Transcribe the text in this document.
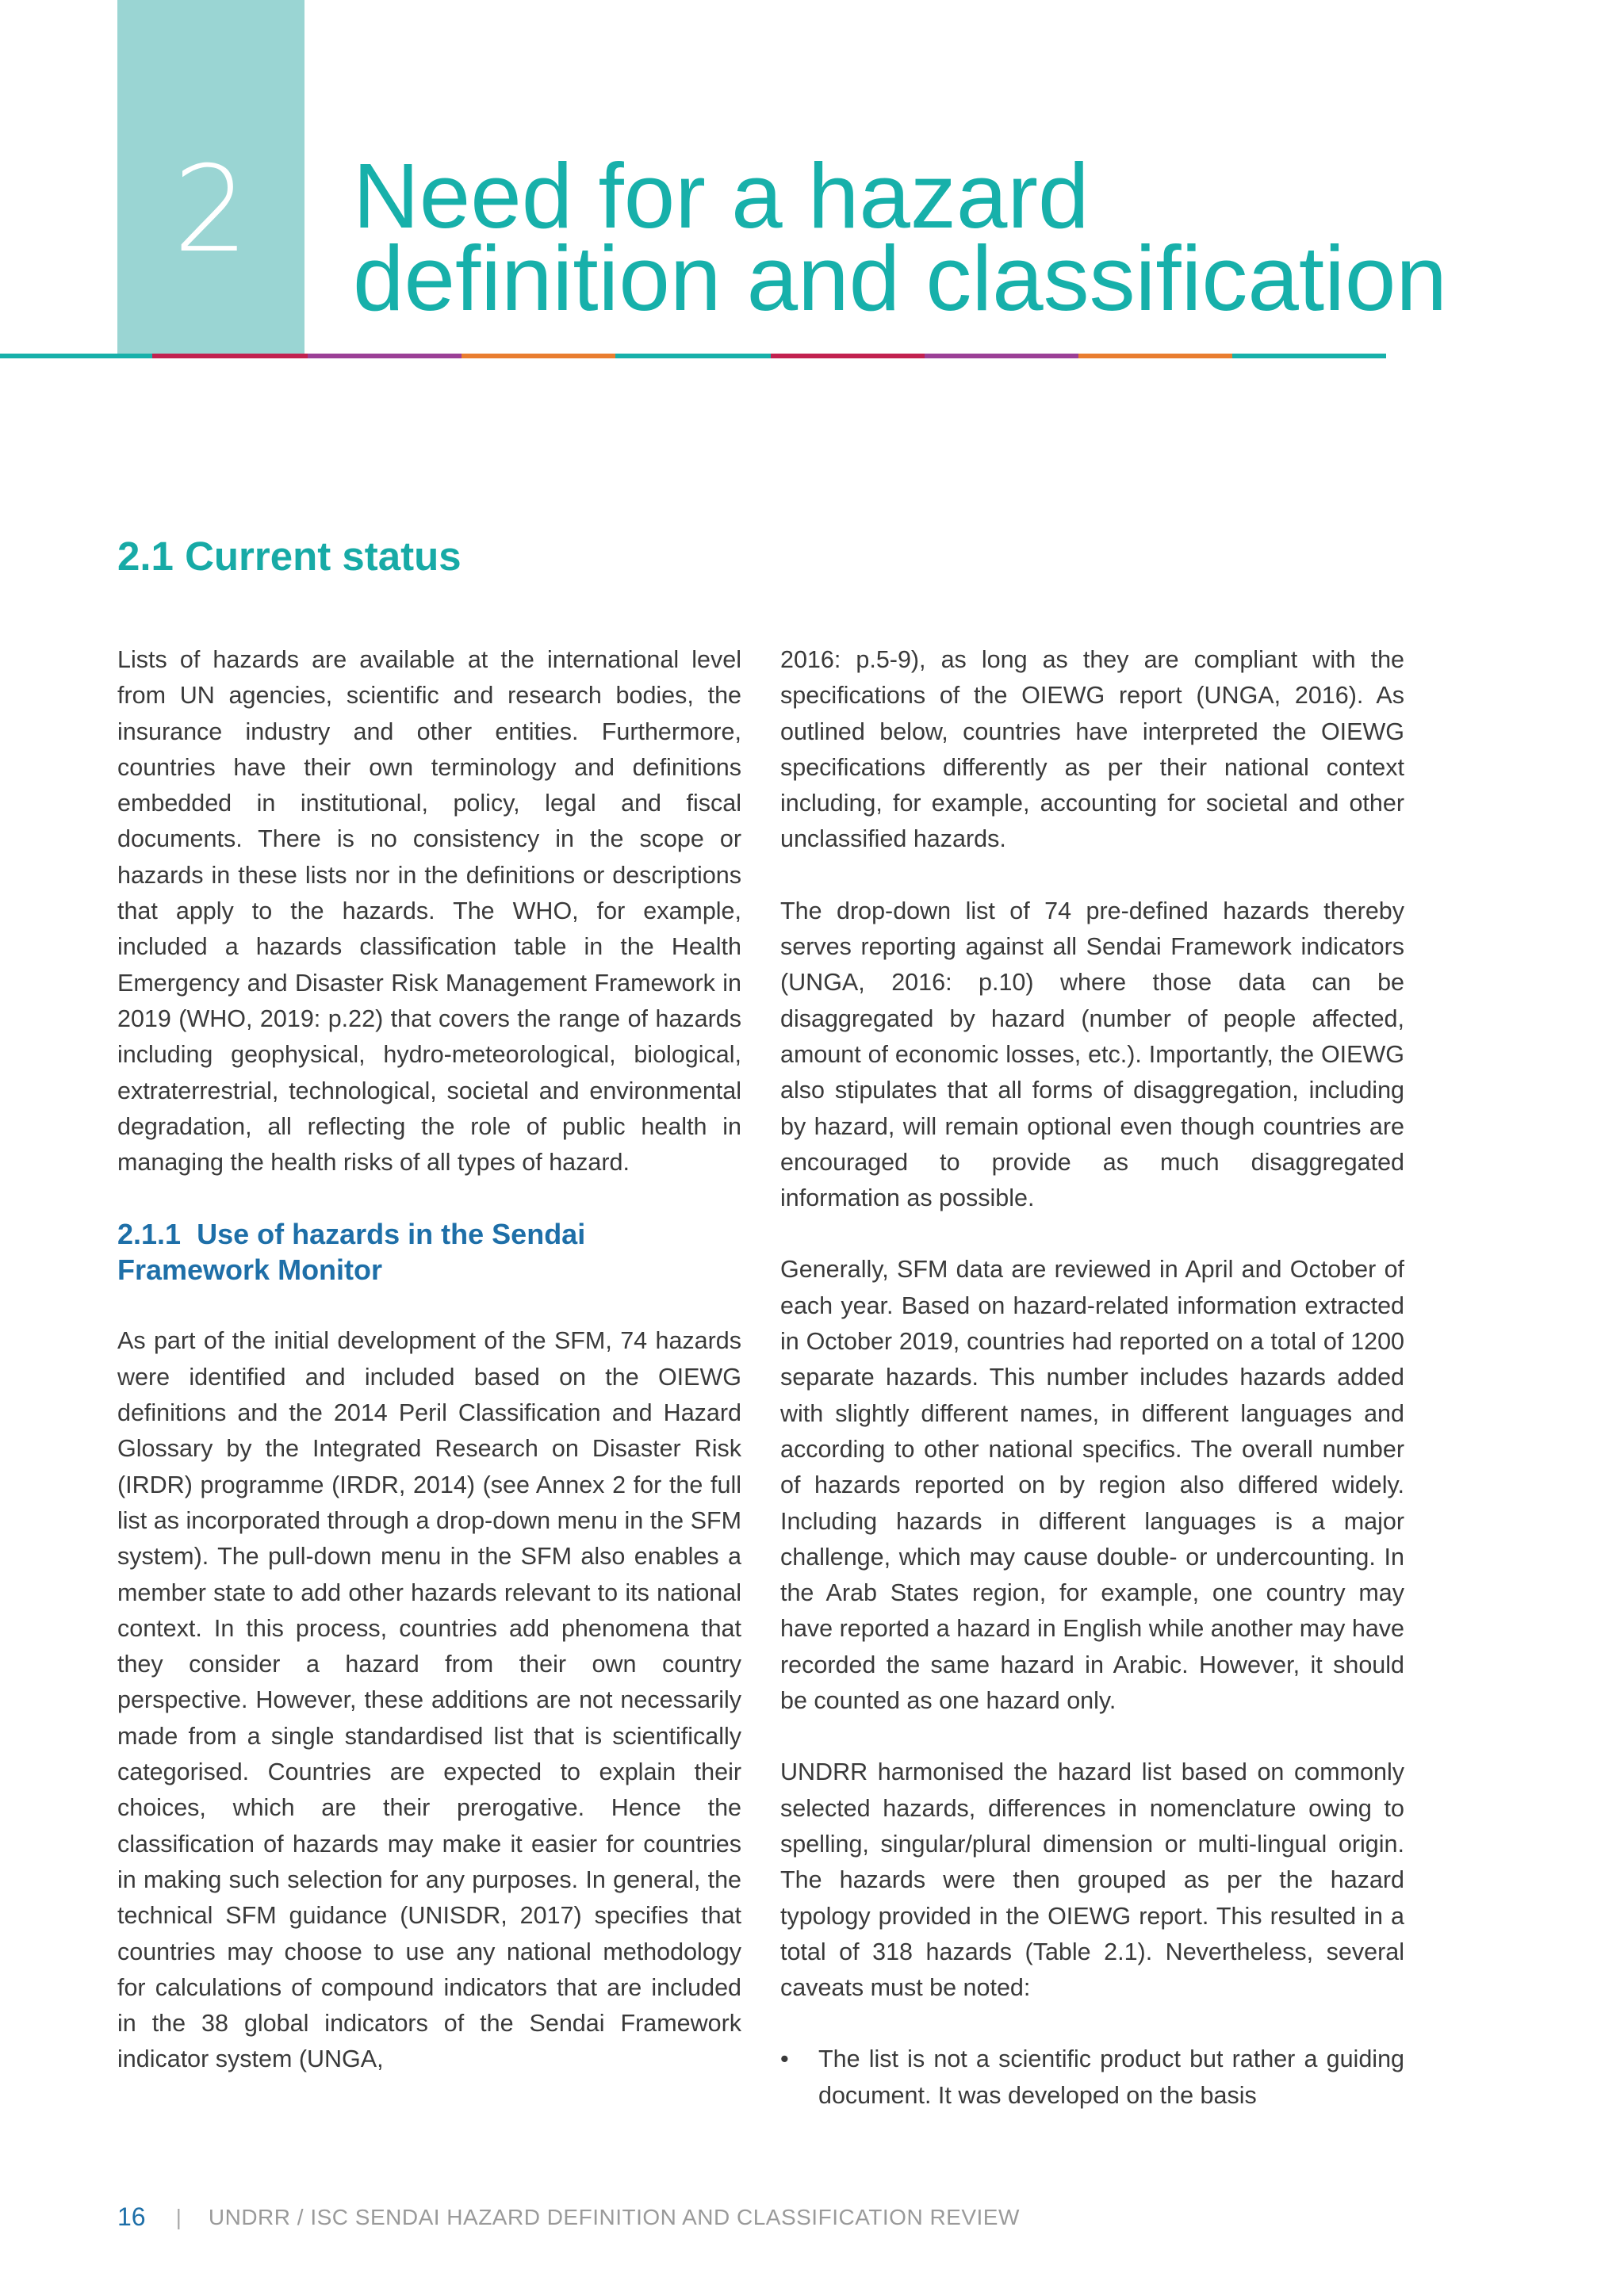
2	Need for a hazard
definition and classification
2.1 Current status

Lists of hazards are available at the international level from UN agencies, scientific and research bodies, the insurance industry and other entities. Furthermore, countries have their own terminology and definitions embedded in institutional, policy, legal and fiscal documents. There is no consistency in the scope or hazards in these lists nor in the definitions or descriptions that apply to the hazards. The WHO, for example, included a hazards classification table in the Health Emergency and Disaster Risk Management Framework in 2019 (WHO, 2019: p.22) that covers the range of hazards including geophysical, hydro-meteorological, biological, extraterrestrial, technological, societal and environmental degradation, all reflecting the role of public health in managing the health risks of all types of hazard.

2.1.1 Use of hazards in the Sendai Framework Monitor

As part of the initial development of the SFM, 74 hazards were identified and included based on the OIEWG definitions and the 2014 Peril Classification and Hazard Glossary by the Integrated Research on Disaster Risk (IRDR) programme (IRDR, 2014) (see Annex 2 for the full list as incorporated through a drop-down menu in the SFM system). The pull-down menu in the SFM also enables a member state to add other hazards relevant to its national context. In this process, countries add phenomena that they consider a hazard from their own country perspective. However, these additions are not necessarily made from a single standardised list that is scientifically categorised. Countries are expected to explain their choices, which are their prerogative. Hence the classification of hazards may make it easier for countries in making such selection for any purposes. In general, the technical SFM guidance (UNISDR, 2017) specifies that countries may choose to use any national methodology for calculations of compound indicators that are included in the 38 global indicators of the Sendai Framework indicator system (UNGA,

2016: p.5-9), as long as they are compliant with the specifications of the OIEWG report (UNGA, 2016). As outlined below, countries have interpreted the OIEWG specifications differently as per their national context including, for example, accounting for societal and other unclassified hazards.

The drop-down list of 74 pre-defined hazards thereby serves reporting against all Sendai Framework indicators (UNGA, 2016: p.10) where those data can be disaggregated by hazard (number of people affected, amount of economic losses, etc.). Importantly, the OIEWG also stipulates that all forms of disaggregation, including by hazard, will remain optional even though countries are encouraged to provide as much disaggregated information as possible.

Generally, SFM data are reviewed in April and October of each year. Based on hazard-related information extracted in October 2019, countries had reported on a total of 1200 separate hazards. This number includes hazards added with slightly different names, in different languages and according to other national specifics. The overall number of hazards reported on by region also differed widely. Including hazards in different languages is a major challenge, which may cause double- or undercounting. In the Arab States region, for example, one country may have reported a hazard in English while another may have recorded the same hazard in Arabic. However, it should be counted as one hazard only.

UNDRR harmonised the hazard list based on commonly selected hazards, differences in nomenclature owing to spelling, singular/plural dimension or multi-lingual origin. The hazards were then grouped as per the hazard typology provided in the OIEWG report. This resulted in a total of 318 hazards (Table 2.1). Nevertheless, several caveats must be noted:

• The list is not a scientific product but rather a guiding document. It was developed on the basis
16 | UNDRR / ISC SENDAI HAZARD DEFINITION AND CLASSIFICATION REVIEW
